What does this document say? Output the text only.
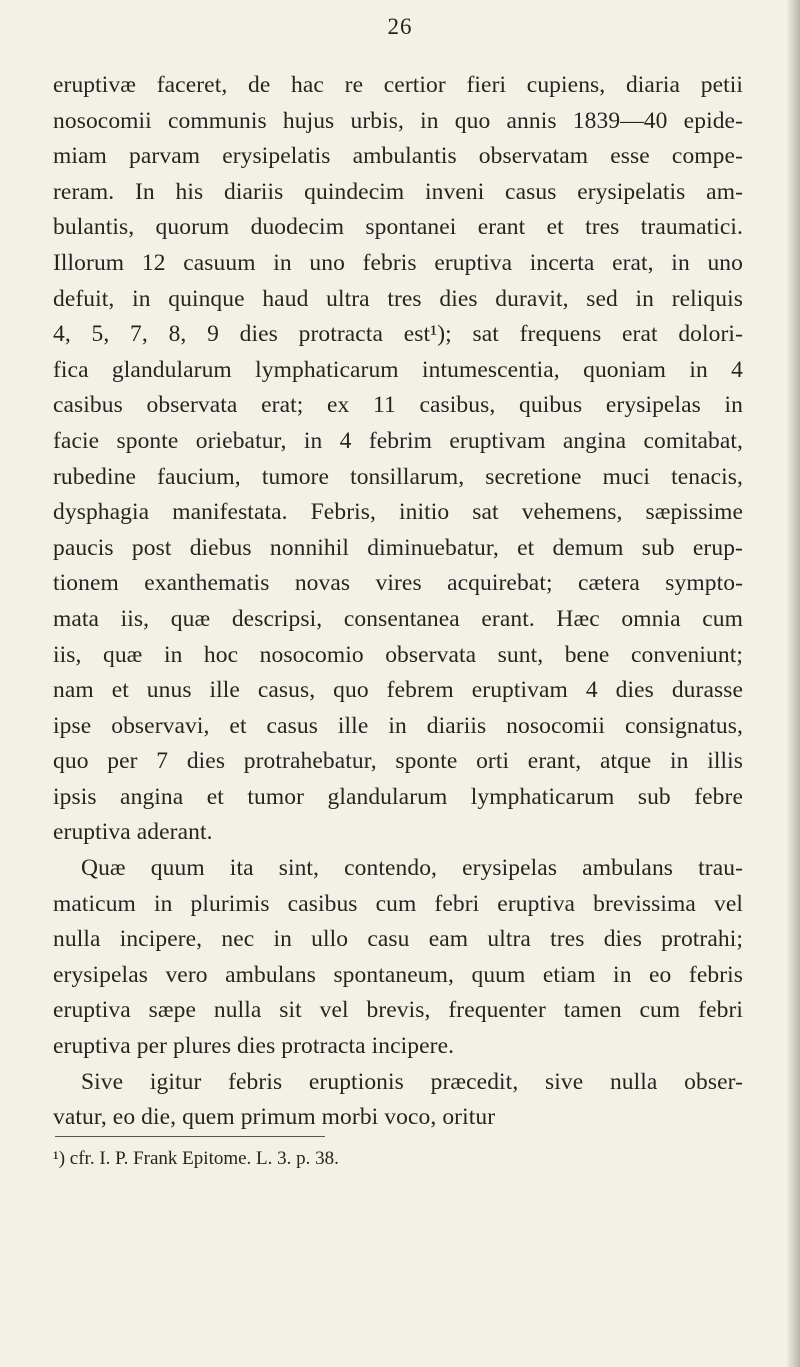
26
eruptivæ faceret, de hac re certior fieri cupiens, diaria petii
nosocomii communis hujus urbis, in quo annis 1839—40 epide-
miam parvam erysipelatis ambulantis observatam esse compe-
reram. In his diariis quindecim inveni casus erysipelatis am-
bulantis, quorum duodecim spontanei erant et tres traumatici.
Illorum 12 casuum in uno febris eruptiva incerta erat, in uno
defuit, in quinque haud ultra tres dies duravit, sed in reliquis
4, 5, 7, 8, 9 dies protracta est¹); sat frequens erat dolori-
fica glandularum lymphaticarum intumescentia, quoniam in 4
casibus observata erat; ex 11 casibus, quibus erysipelas in
facie sponte oriebatur, in 4 febrim eruptivam angina comitabat,
rubedine faucium, tumore tonsillarum, secretione muci tenacis,
dysphagia manifestata. Febris, initio sat vehemens, sæpissime
paucis post diebus nonnihil diminuebatur, et demum sub erup-
tionem exanthematis novas vires acquirebat; cætera sympto-
mata iis, quæ descripsi, consentanea erant. Hæc omnia cum
iis, quæ in hoc nosocomio observata sunt, bene conveniunt;
nam et unus ille casus, quo febrem eruptivam 4 dies durasse
ipse observavi, et casus ille in diariis nosocomii consignatus,
quo per 7 dies protrahebatur, sponte orti erant, atque in illis
ipsis angina et tumor glandularum lymphaticarum sub febre
eruptiva aderant.
Quæ quum ita sint, contendo, erysipelas ambulans trau-
maticum in plurimis casibus cum febri eruptiva brevissima vel
nulla incipere, nec in ullo casu eam ultra tres dies protrahi;
erysipelas vero ambulans spontaneum, quum etiam in eo febris
eruptiva sæpe nulla sit vel brevis, frequenter tamen cum febri
eruptiva per plures dies protracta incipere.
Sive igitur febris eruptionis præcedit, sive nulla obser-
vatur, eo die, quem primum morbi voco, oritur
¹) cfr. I. P. Frank Epitome. L. 3. p. 38.
